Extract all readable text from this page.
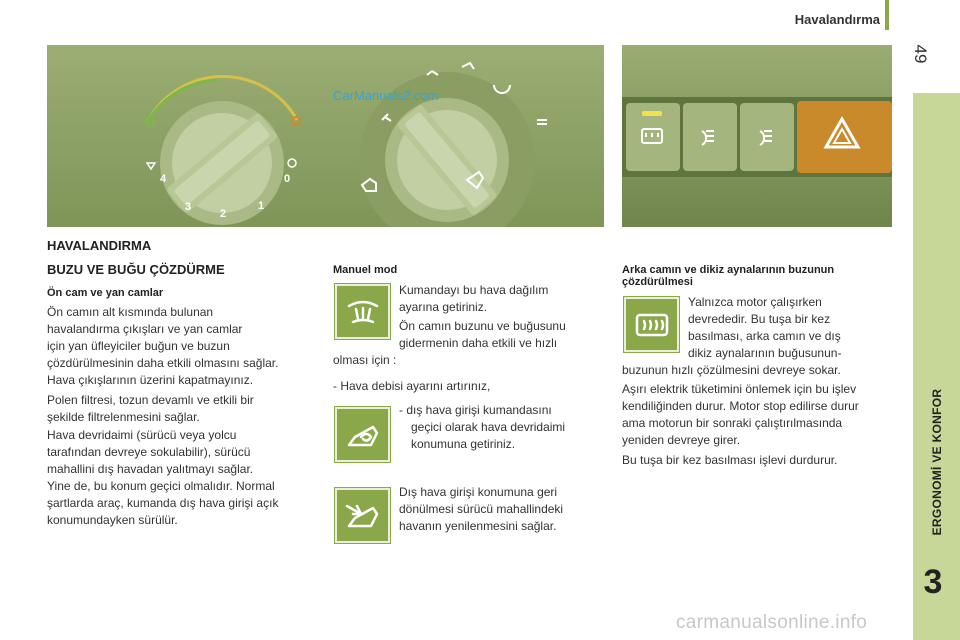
Havalandırma
49
ERGONOMİ VE KONFOR
3
4
3
2
1
0
CarManuals2.com
HAVALANDIRMA
BUZU VE BUĞU ÇÖZDÜRME
Ön cam ve yan camlar
Ön camın alt kısmında bulunan
havalandırma çıkışları ve yan camlar
için yan üfleyiciler buğun ve buzun
çözdürülmesinin daha etkili olmasını sağlar.
Hava çıkışlarının üzerini kapatmayınız.
Polen filtresi, tozun devamlı ve etkili bir
şekilde filtrelenmesini sağlar.
Hava devridaimi (sürücü veya yolcu
tarafından devreye sokulabilir), sürücü
mahallini dış havadan yalıtmayı sağlar.
Yine de, bu konum geçici olmalıdır. Normal
şartlarda araç, kumanda dış hava girişi açık
konumundayken sürülür.
Manuel mod
Kumandayı bu hava dağılım
ayarına getiriniz.
Ön camın buzunu ve buğusunu
gidermenin daha etkili ve hızlı
olması için :
- Hava debisi ayarını artırınız,
- dış hava girişi kumandasını
geçici olarak hava devridaimi
konumuna getiriniz.
Dış hava girişi konumuna geri
dönülmesi sürücü mahallindeki
havanın yenilenmesini sağlar.
Arka camın ve dikiz aynalarının buzunun
çözdürülmesi
Yalnızca motor çalışırken
devrededir. Bu tuşa bir kez
basılması, arka camın ve dış
dikiz aynalarının buğusunun-
buzunun hızlı çözülmesini devreye sokar.
Aşırı elektrik tüketimini önlemek için bu işlev
kendiliğinden durur. Motor stop edilirse durur
ama motorun bir sonraki çalıştırılmasında
yeniden devreye girer.
Bu tuşa bir kez basılması işlevi durdurur.
carmanualsonline.info
